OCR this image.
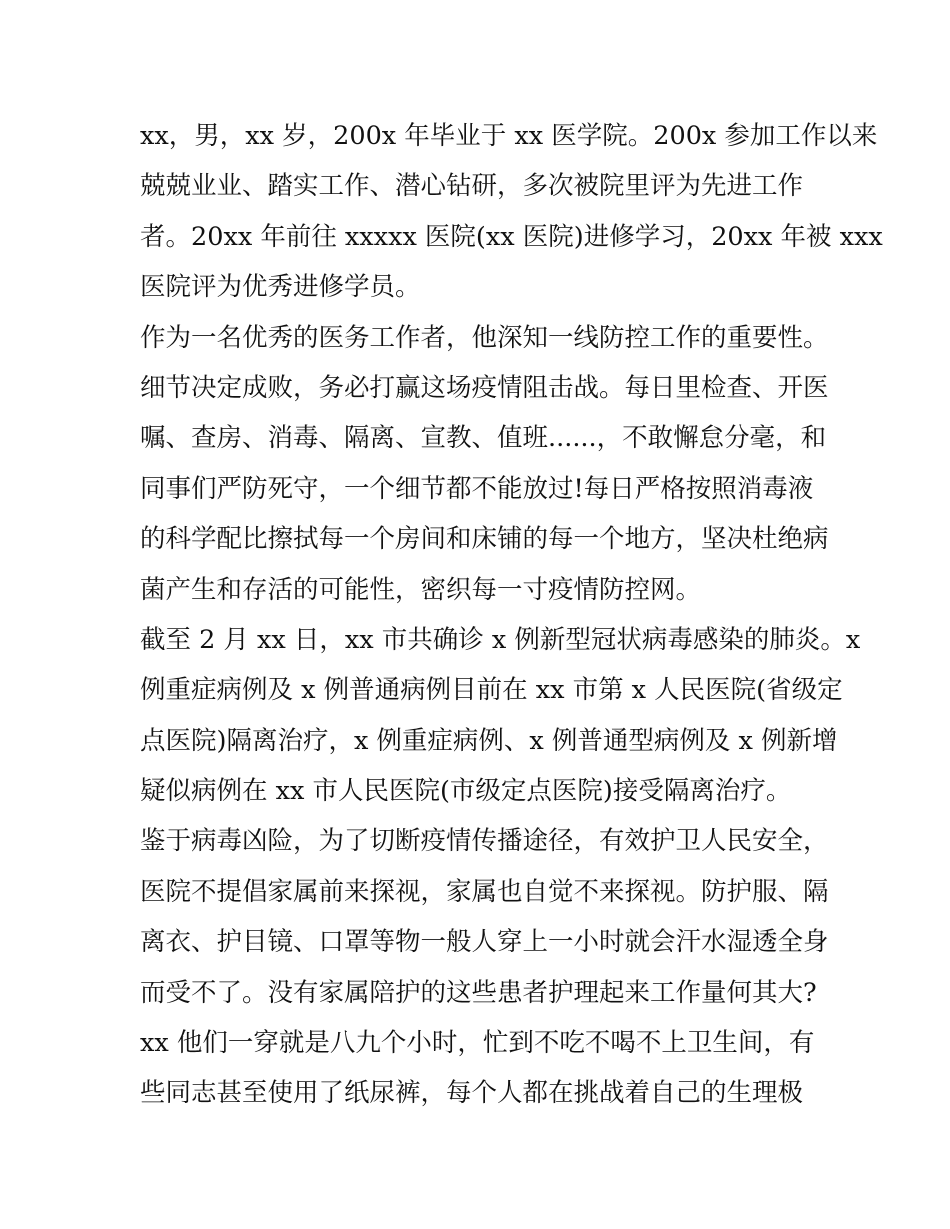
xx，男，xx 岁，200x 年毕业于 xx 医学院。200x 参加工作以来
兢兢业业、踏实工作、潜心钻研，多次被院里评为先进工作
者。20xx 年前往 xxxxx 医院(xx 医院)进修学习，20xx 年被 xxx
医院评为优秀进修学员。
作为一名优秀的医务工作者，他深知一线防控工作的重要性。
细节决定成败，务必打赢这场疫情阻击战。每日里检查、开医
嘱、查房、消毒、隔离、宣教、值班......，不敢懈怠分毫，和
同事们严防死守，一个细节都不能放过!每日严格按照消毒液
的科学配比擦拭每一个房间和床铺的每一个地方，坚决杜绝病
菌产生和存活的可能性，密织每一寸疫情防控网。
截至 2 月 xx 日，xx 市共确诊 x 例新型冠状病毒感染的肺炎。x
例重症病例及 x 例普通病例目前在 xx 市第 x 人民医院(省级定
点医院)隔离治疗，x 例重症病例、x 例普通型病例及 x 例新增
疑似病例在 xx 市人民医院(市级定点医院)接受隔离治疗。
鉴于病毒凶险，为了切断疫情传播途径，有效护卫人民安全，
医院不提倡家属前来探视，家属也自觉不来探视。防护服、隔
离衣、护目镜、口罩等物一般人穿上一小时就会汗水湿透全身
而受不了。没有家属陪护的这些患者护理起来工作量何其大?
xx 他们一穿就是八九个小时，忙到不吃不喝不上卫生间，有
些同志甚至使用了纸尿裤，每个人都在挑战着自己的生理极
